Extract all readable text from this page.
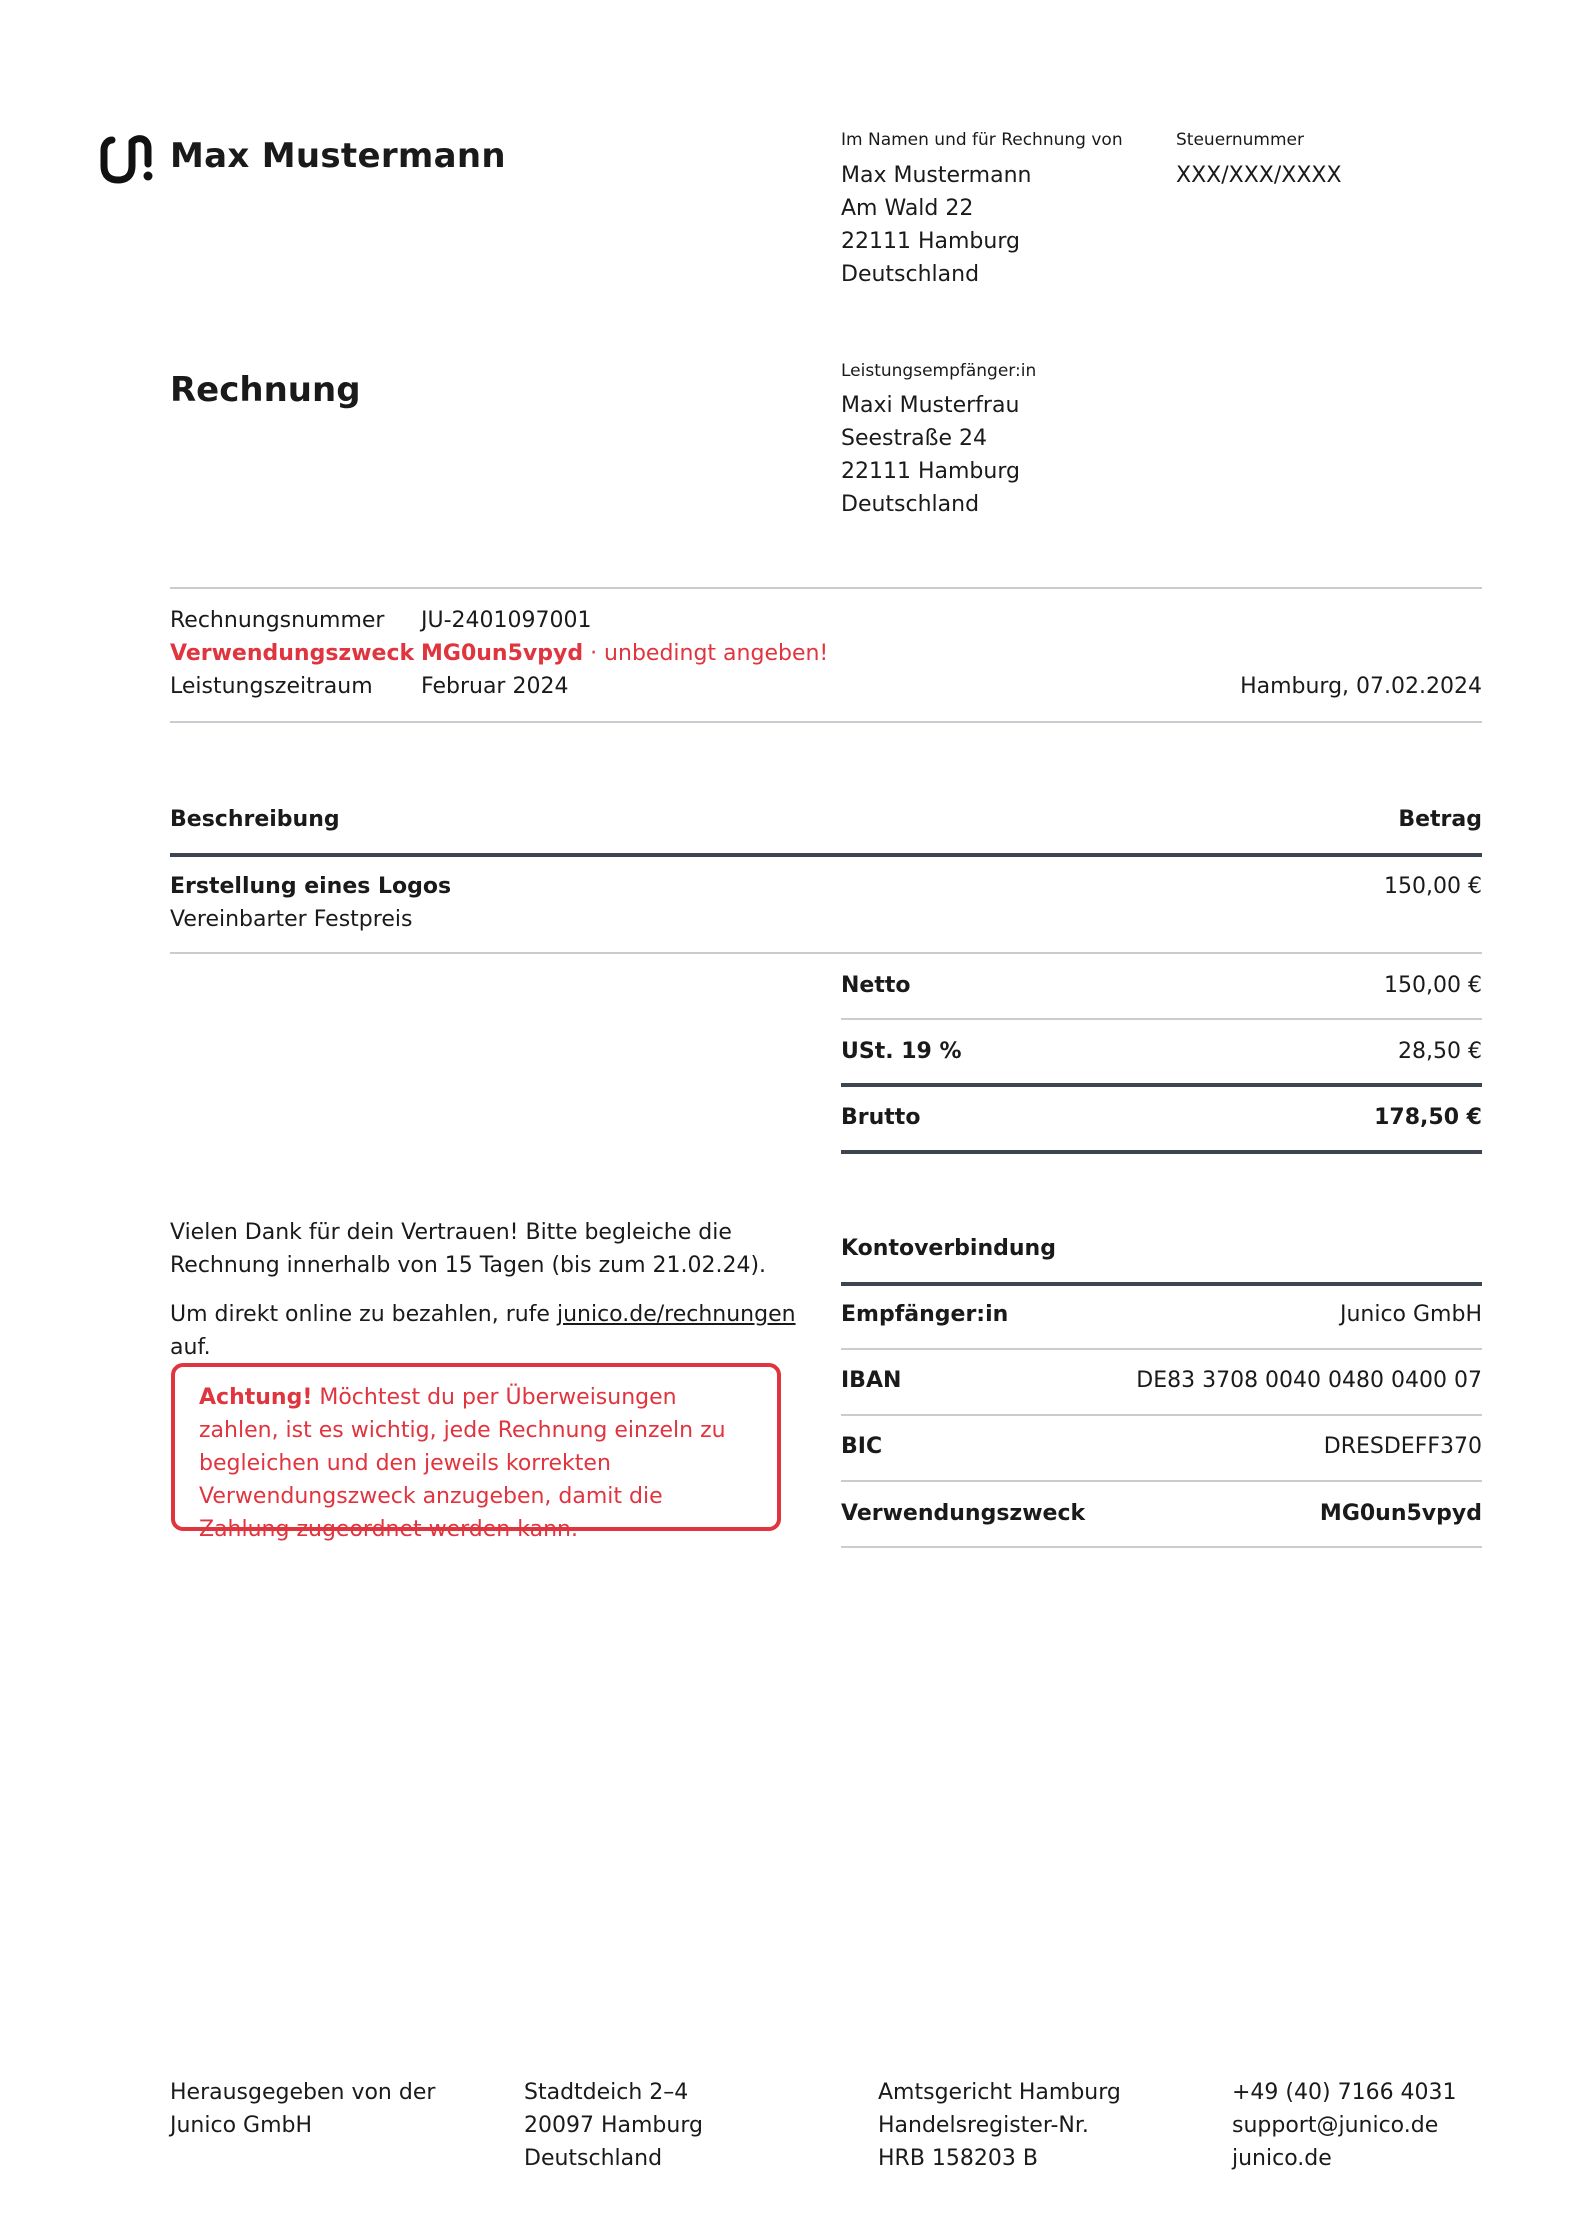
Max Mustermann	Im Namen und für Rechnung von
Max Mustermann
Am Wald 22
22111 Hamburg
Deutschland
Steuernummer
XXX/XXX/XXXX
Rechnung	Leistungsempfänger:in
Maxi Musterfrau
Seestraße 24
22111 Hamburg
Deutschland
Rechnungsnummer JU-2401097001
Verwendungszweck MG0un5vpyd · unbedingt angeben!
Leistungszeitraum Februar 2024	Hamburg, 07.02.2024
Beschreibung	Betrag
Erstellung eines Logos
Vereinbarter Festpreis
150,00 €
Netto	150,00 €
USt. 19 %	28,50 €
Brutto	178,50 €
Vielen Dank für dein Vertrauen! Bitte begleiche die Rechnung innerhalb von 15 Tagen (bis zum 21.02.24).
Um direkt online zu bezahlen, rufe junico.de/rechnungen auf.
Achtung! Möchtest du per Überweisungen zahlen, ist es wichtig, jede Rechnung einzeln zu begleichen und den jeweils korrekten Verwendungszweck anzugeben, damit die Zahlung zugeordnet werden kann.
Kontoverbindung
Empfänger:in	Junico GmbH
IBAN	DE83 3708 0040 0480 0400 07
BIC	DRESDEFF370
Verwendungszweck	MG0un5vpyd
Herausgegeben von der
Junico GmbH
Stadtdeich 2–4
20097 Hamburg
Deutschland
Amtsgericht Hamburg
Handelsregister-Nr.
HRB 158203 B
+49 (40) 7166 4031
support@junico.de
junico.de
